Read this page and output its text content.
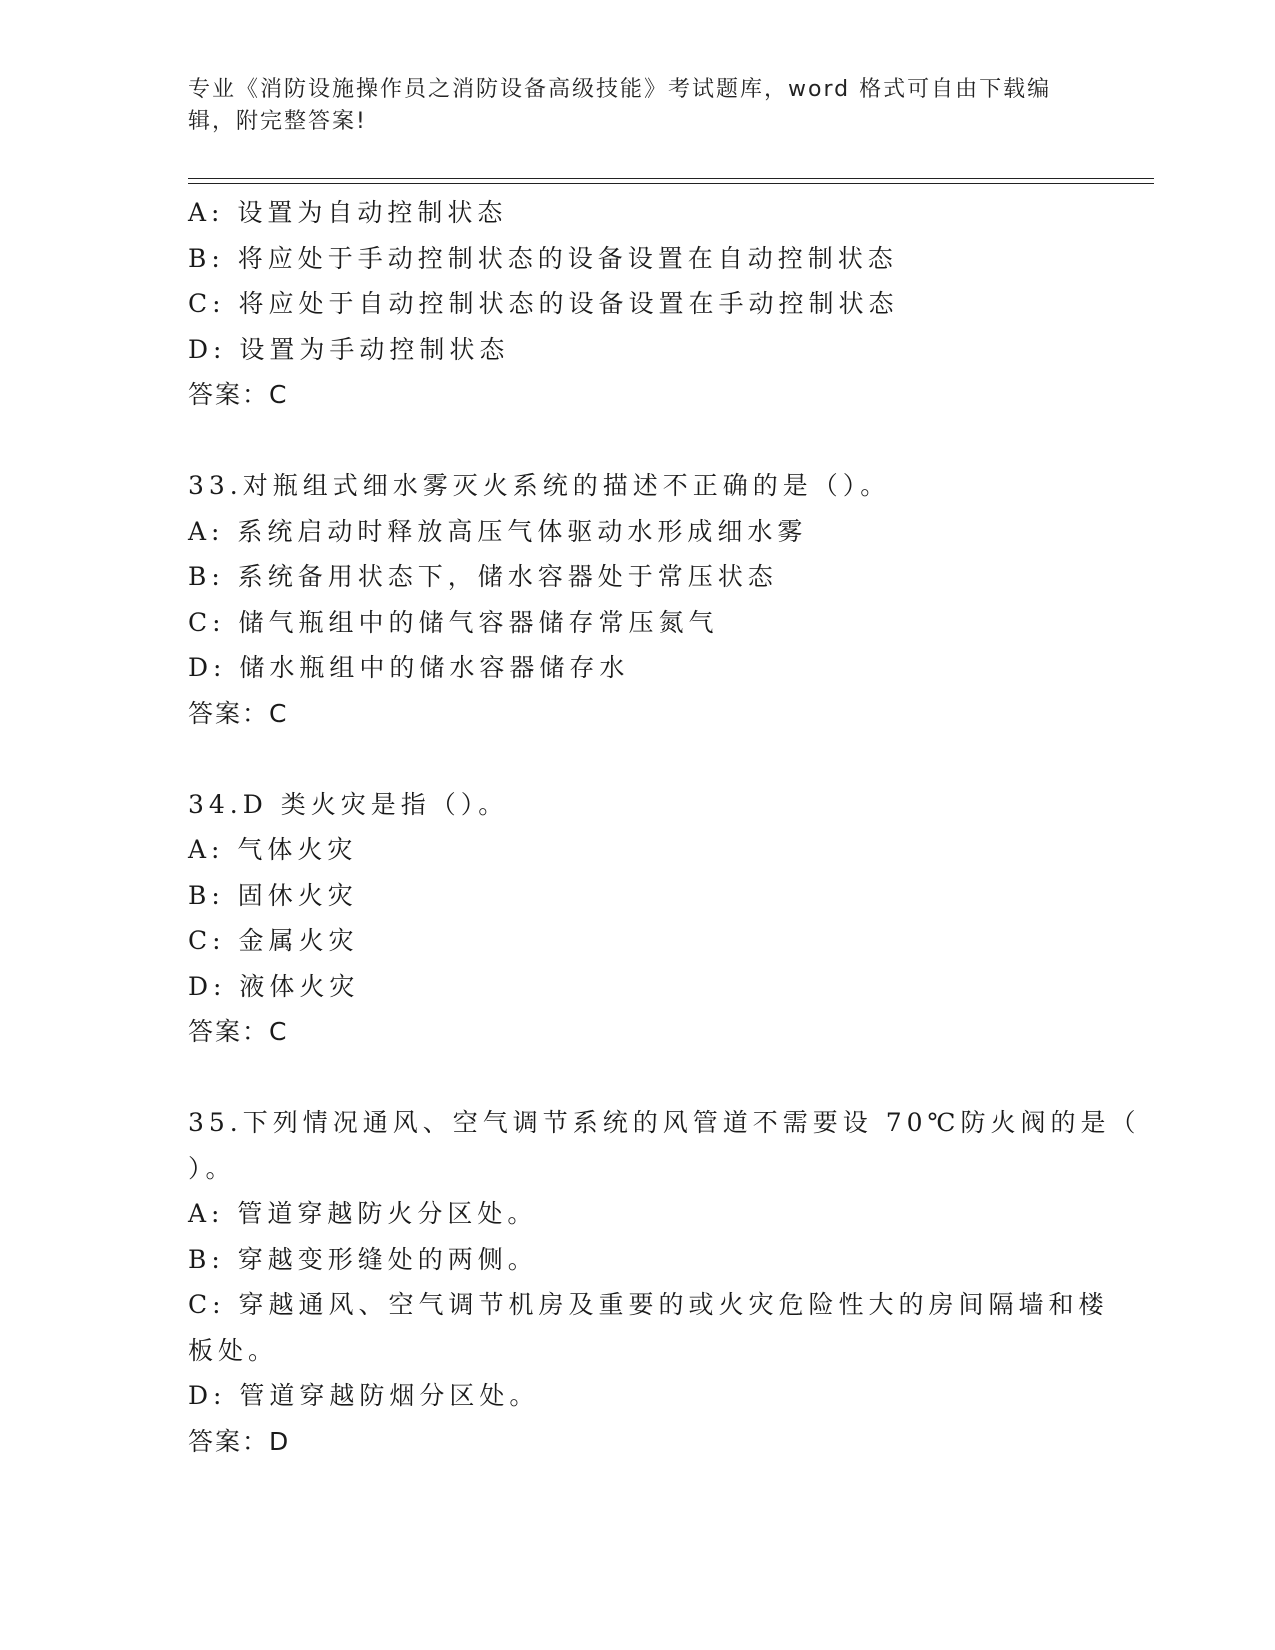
专业《消防设施操作员之消防设备高级技能》考试题库，word 格式可自由下载编
辑，附完整答案!
A: 设置为自动控制状态
B: 将应处于手动控制状态的设备设置在自动控制状态
C: 将应处于自动控制状态的设备设置在手动控制状态
D: 设置为手动控制状态
答案：C
33.对瓶组式细水雾灭火系统的描述不正确的是（）。
A: 系统启动时释放高压气体驱动水形成细水雾
B: 系统备用状态下，储水容器处于常压状态
C: 储气瓶组中的储气容器储存常压氮气
D: 储水瓶组中的储水容器储存水
答案：C
34.D 类火灾是指（）。
A: 气体火灾
B: 固休火灾
C: 金属火灾
D: 液体火灾
答案：C
35.下列情况通风、空气调节系统的风管道不需要设 70℃防火阀的是（
）。
A: 管道穿越防火分区处。
B: 穿越变形缝处的两侧。
C: 穿越通风、空气调节机房及重要的或火灾危险性大的房间隔墙和楼
板处。
D: 管道穿越防烟分区处。
答案：D
